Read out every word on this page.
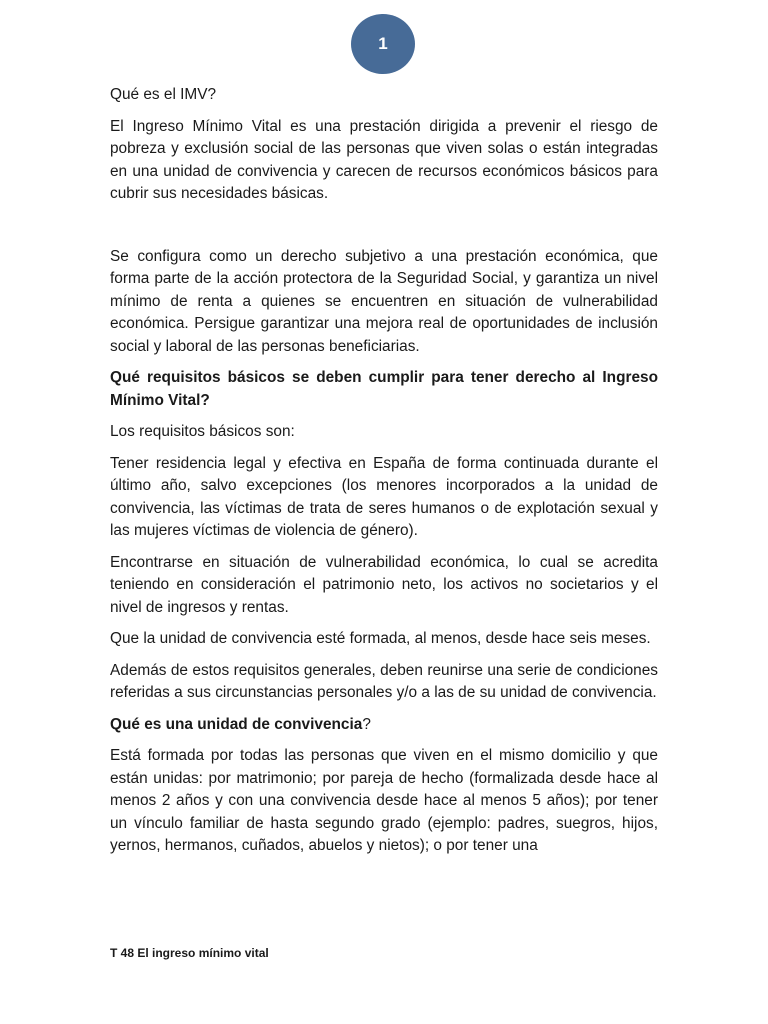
1

Qué es el IMV?

El Ingreso Mínimo Vital es una prestación dirigida a prevenir el riesgo de pobreza y exclusión social de las personas que viven solas o están integradas en una unidad de convivencia y carecen de recursos económicos básicos para cubrir sus necesidades básicas.

Se configura como un derecho subjetivo a una prestación económica, que forma parte de la acción protectora de la Seguridad Social, y garantiza un nivel mínimo de renta a quienes se encuentren en situación de vulnerabilidad económica. Persigue garantizar una mejora real de oportunidades de inclusión social y laboral de las personas beneficiarias.

Qué requisitos básicos se deben cumplir para tener derecho al Ingreso Mínimo Vital?

Los requisitos básicos son:

Tener residencia legal y efectiva en España de forma continuada durante el último año, salvo excepciones (los menores incorporados a la unidad de convivencia, las víctimas de trata de seres humanos o de explotación sexual y las mujeres víctimas de violencia de género).

Encontrarse en situación de vulnerabilidad económica, lo cual se acredita teniendo en consideración el patrimonio neto, los activos no societarios y el nivel de ingresos y rentas.

Que la unidad de convivencia esté formada, al menos, desde hace seis meses.

Además de estos requisitos generales, deben reunirse una serie de condiciones referidas a sus circunstancias personales y/o a las de su unidad de convivencia.

Qué es una unidad de convivencia?

Está formada por todas las personas que viven en el mismo domicilio y que están unidas: por matrimonio; por pareja de hecho (formalizada desde hace al menos 2 años y con una convivencia desde hace al menos 5 años); por tener un vínculo familiar de hasta segundo grado (ejemplo: padres, suegros, hijos, yernos, hermanos, cuñados, abuelos y nietos); o por tener una

T 48 El ingreso mínimo vital
